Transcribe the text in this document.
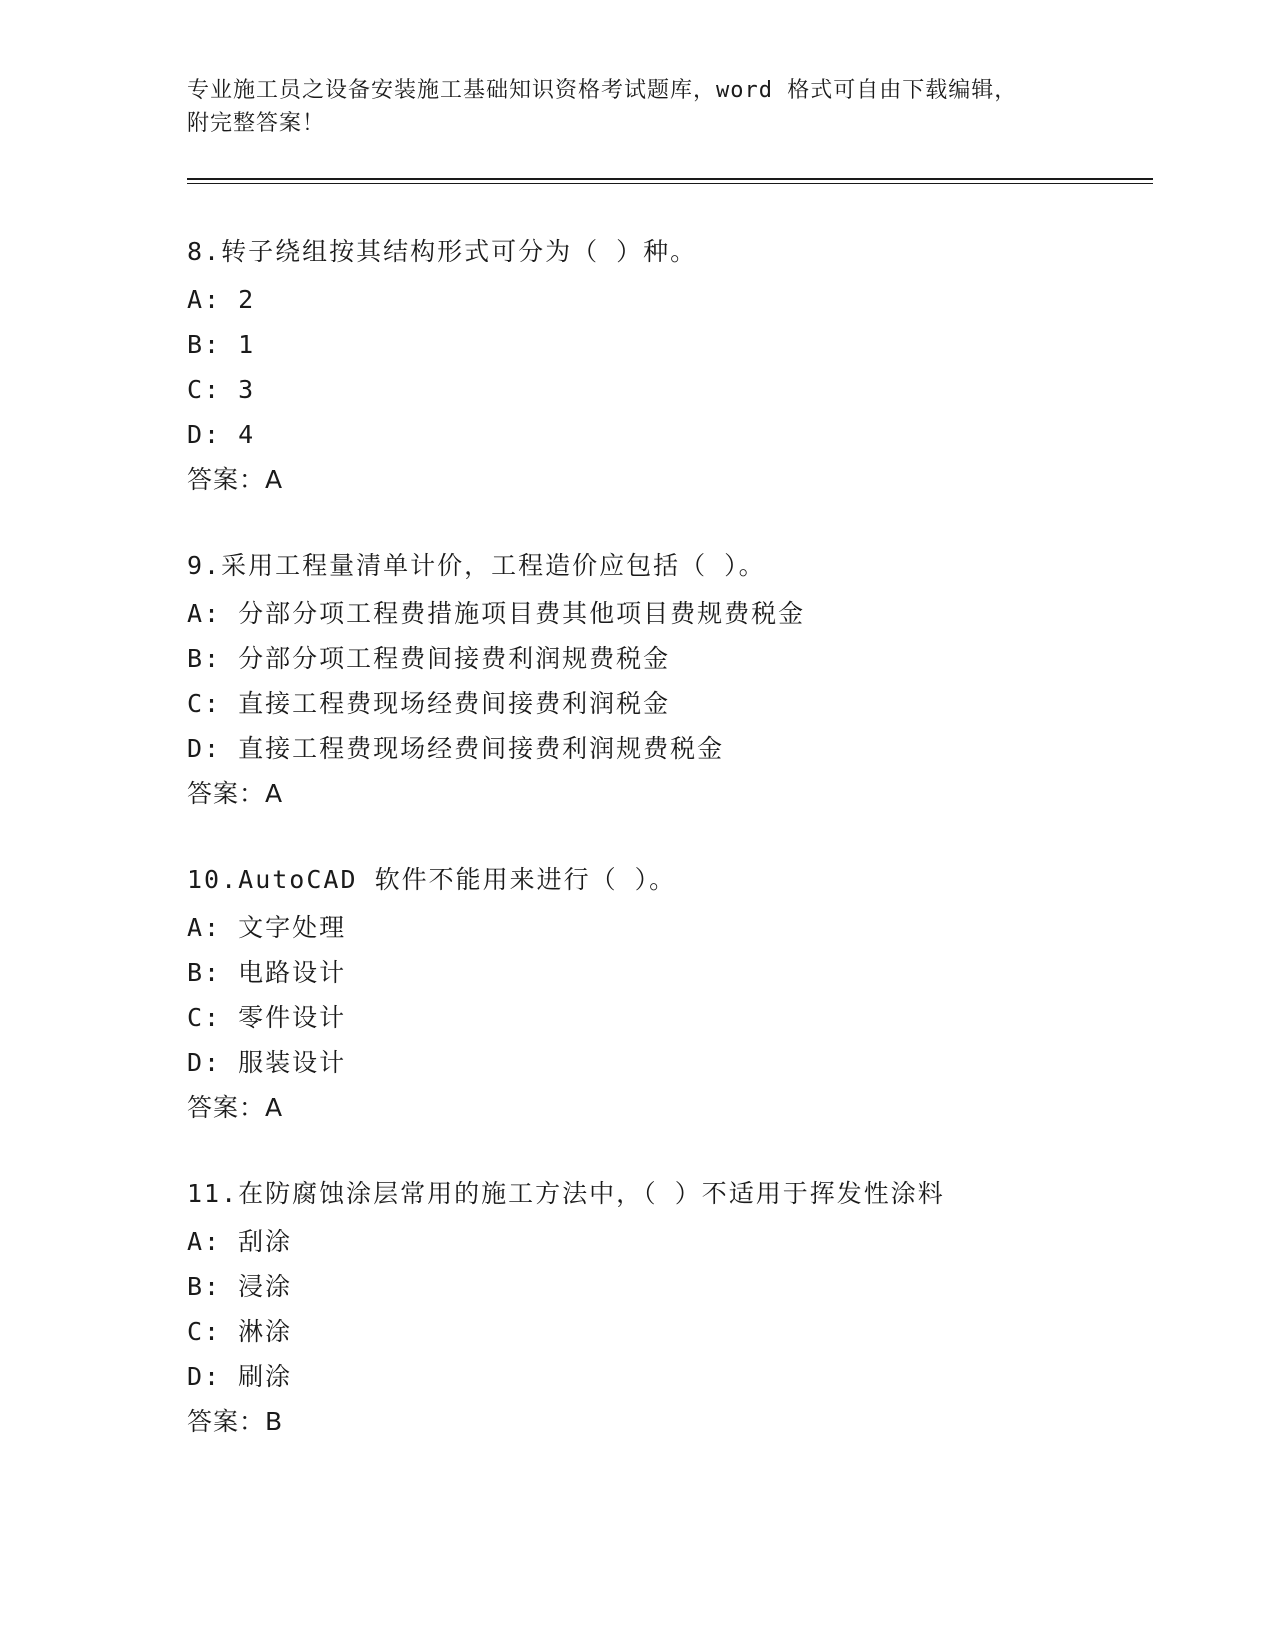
专业施工员之设备安装施工基础知识资格考试题库，word 格式可自由下载编辑，
附完整答案！
8.转子绕组按其结构形式可分为（ ）种。
A: 2
B: 1
C: 3
D: 4
答案：A
9.采用工程量清单计价，工程造价应包括（ ）。
A: 分部分项工程费措施项目费其他项目费规费税金
B: 分部分项工程费间接费利润规费税金
C: 直接工程费现场经费间接费利润税金
D: 直接工程费现场经费间接费利润规费税金
答案：A
10.AutoCAD 软件不能用来进行（ ）。
A: 文字处理
B: 电路设计
C: 零件设计
D: 服装设计
答案：A
11.在防腐蚀涂层常用的施工方法中，（ ）不适用于挥发性涂料
A: 刮涂
B: 浸涂
C: 淋涂
D: 刷涂
答案：B
